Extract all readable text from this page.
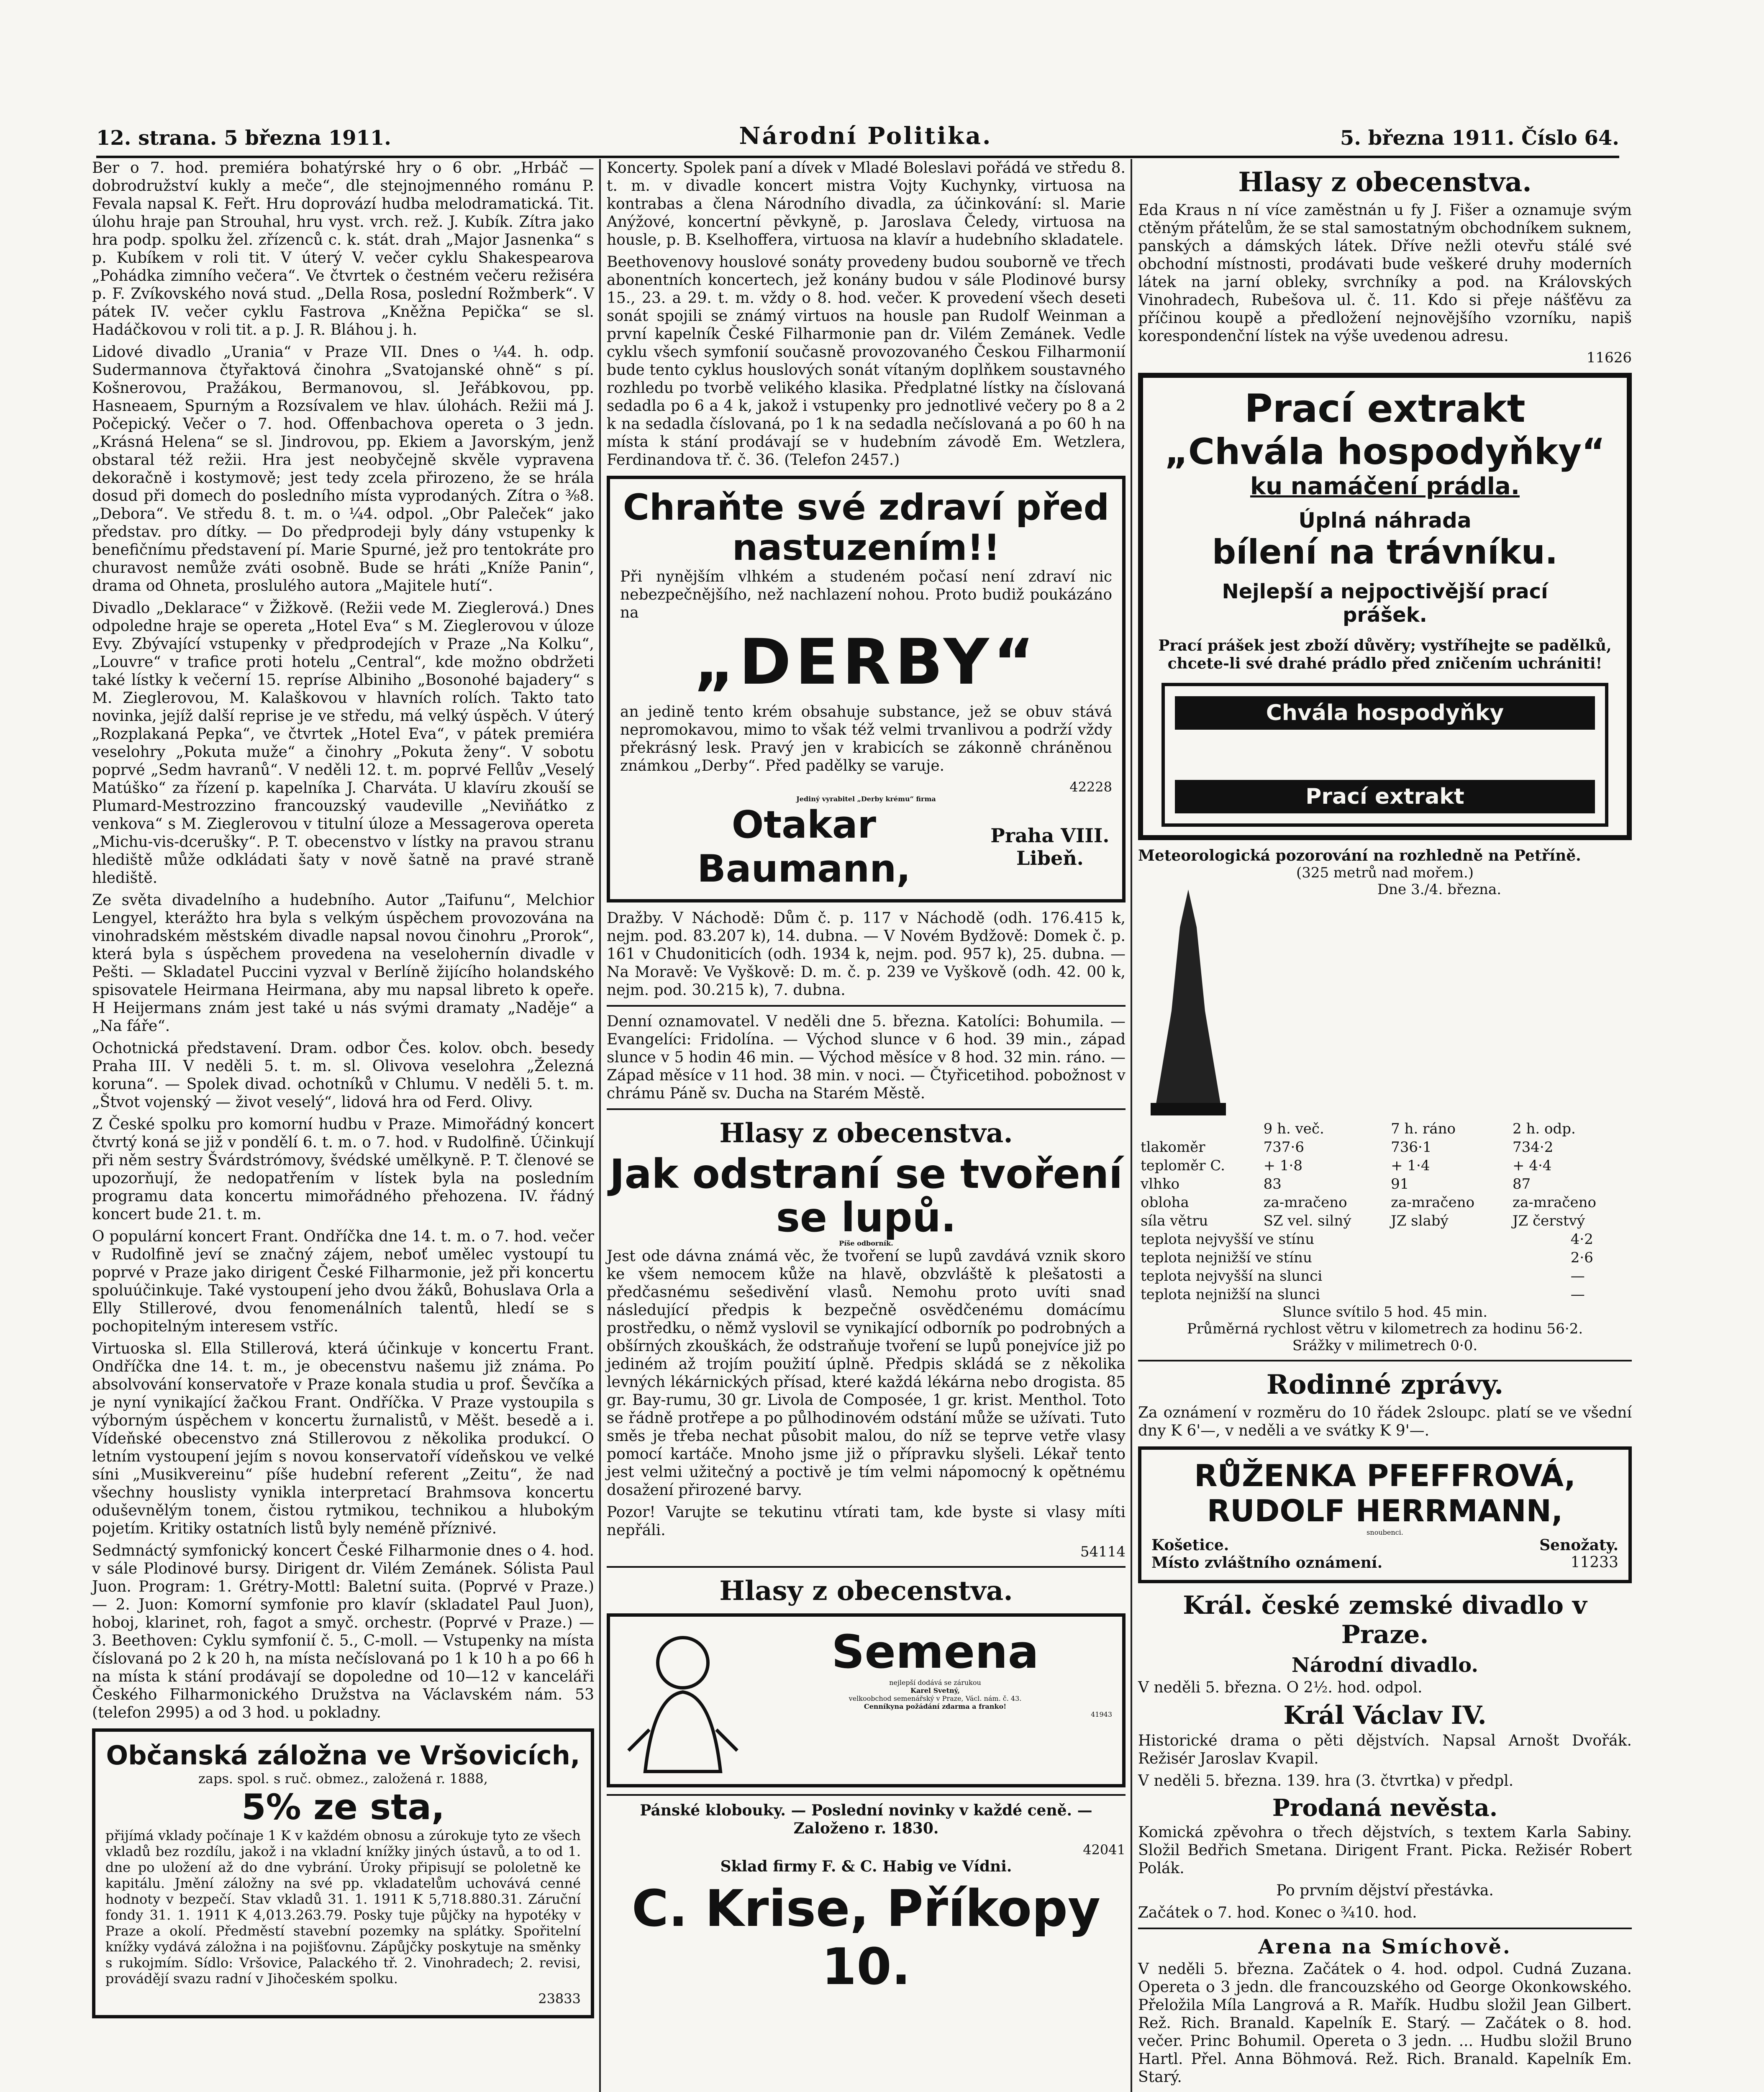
12. strana. 5 března 1911.	Národní Politika.	5. března 1911. Číslo 64.

Ber o 7. hod. premiéra bohatýrské hry o 6 obr. „Hrbáč — dobrodružství kukly a meče“, dle stejnojmenného románu P. Fevala napsal K. Feřt. Hru doprovází hudba melodramatická. Tit. úlohu hraje pan Strouhal, hru vyst. vrch. rež. J. Kubík. Zítra jako hra podp. spolku žel. zřízenců c. k. stát. drah „Major Jasnenka“ s p. Kubíkem v roli tit. V úterý V. večer cyklu Shakespearova „Pohádka zimního večera“. Ve čtvrtek o čestném večeru režiséra p. F. Zvíkovského nová stud. „Della Rosa, poslední Rožmberk“. V pátek IV. večer cyklu Fastrova „Kněžna Pepička“ se sl. Hadáčkovou v roli tit. a p. J. R. Bláhou j. h.

Lidové divadlo „Urania“ v Praze VII. Dnes o ¼4. h. odp. Sudermannova čtyřaktová činohra „Svatojanské ohně“ s pí. Košnerovou, Pražákou, Bermanovou, sl. Jeřábkovou, pp. Hasneaem, Spurným a Rozsívalem ve hlav. úlohách. Režii má J. Počepický. Večer o 7. hod. Offenbachova opereta o 3 jedn. „Krásná Helena“ se sl. Jindrovou, pp. Ekiem a Javorským, jenž obstaral též režii. Hra jest neobyčejně skvěle vypravena dekoračně i kostymově; jest tedy zcela přirozeno, že se hrála dosud při domech do posledního místa vyprodaných. Zítra o ⅜8. „Debora“. Ve středu 8. t. m. o ¼4. odpol. „Obr Paleček“ jako představ. pro dítky. — Do předprodeji byly dány vstupenky k benefičnímu představení pí. Marie Spurné, jež pro tentokráte pro churavost nemůže zváti osobně. Bude se hráti „Kníže Panin“, drama od Ohneta, proslulého autora „Majitele hutí“.

Divadlo „Deklarace“ v Žižkově. (Režii vede M. Zieglerová.) Dnes odpoledne hraje se opereta „Hotel Eva“ s M. Zieglerovou v úloze Evy. Zbývající vstupenky v předprodejích v Praze „Na Kolku“, „Louvre“ v trafice proti hotelu „Central“, kde možno obdržeti také lístky k večerní 15. repríse Albiniho „Bosonohé bajadery“ s M. Zieglerovou, M. Kalaškovou v hlavních rolích. Takto tato novinka, jejíž další reprise je ve středu, má velký úspěch. V úterý „Rozplakaná Pepka“, ve čtvrtek „Hotel Eva“, v pátek premiéra veselohry „Pokuta muže“ a činohry „Pokuta ženy“. V sobotu poprvé „Sedm havranů“. V neděli 12. t. m. poprvé Fellův „Veselý Matúško“ za řízení p. kapelníka J. Charváta. U klavíru zkouší se Plumard-Mestrozzino francouzský vaudeville „Neviňátko z venkova“ s M. Zieglerovou v titulní úloze a Messagerova opereta „Michu-vis-dcerušky“. P. T. obecenstvo v lístky na pravou stranu hlediště může odkládati šaty v nově šatně na pravé straně hlediště.

Ze světa divadelního a hudebního. Autor „Taifunu“, Melchior Lengyel, kterážto hra byla s velkým úspěchem provozována na vinohradském městském divadle napsal novou činohru „Prorok“, která byla s úspěchem provedena na veselohernín divadle v Pešti. — Skladatel Puccini vyzval v Berlíně žijícího holandského spisovatele Heirmana Heirmana, aby mu napsal libreto k opeře. H Heijermans znám jest také u nás svými dramaty „Naděje“ a „Na fáře“.

Ochotnická představení. Dram. odbor Čes. kolov. obch. besedy Praha III. V neděli 5. t. m. sl. Olivova veselohra „Železná koruna“. — Spolek divad. ochotníků v Chlumu. V neděli 5. t. m. „Štvot vojenský — život veselý“, lidová hra od Ferd. Olivy.

Z České spolku pro komorní hudbu v Praze. Mimořádný koncert čtvrtý koná se již v pondělí 6. t. m. o 7. hod. v Rudolfině. Účinkují při něm sestry Švárdstrómovy, švédské umělkyně. P. T. členové se upozorňují, že nedopatřením v lístek byla na posledním programu data koncertu mimořádného přehozena. IV. řádný koncert bude 21. t. m.

O populární koncert Frant. Ondříčka dne 14. t. m. o 7. hod. večer v Rudolfině jeví se značný zájem, neboť umělec vystoupí tu poprvé v Praze jako dirigent České Filharmonie, jež při koncertu spoluúčinkuje. Také vystoupení jeho dvou žáků, Bohuslava Orla a Elly Stillerové, dvou fenomenálních talentů, hledí se s pochopitelným interesem vstříc.

Virtuoska sl. Ella Stillerová, která účinkuje v koncertu Frant. Ondříčka dne 14. t. m., je obecenstvu našemu již známa. Po absolvování konservatoře v Praze konala studia u prof. Ševčíka a je nyní vynikající žačkou Frant. Ondříčka. V Praze vystoupila s výborným úspěchem v koncertu žurnalistů, v Měšt. besedě a i. Vídeňské obecenstvo zná Stillerovou z několika produkcí. O letním vystoupení jejím s novou konservatoří vídeňskou ve velké síni „Musikvereinu“ píše hudební referent „Zeitu“, že nad všechny houslisty vynikla interpretací Brahmsova koncertu oduševnělým tonem, čistou rytmikou, technikou a hlubokým pojetím. Kritiky ostatních listů byly neméně příznivé.

Sedmnáctý symfonický koncert České Filharmonie dnes o 4. hod. v sále Plodinové bursy. Dirigent dr. Vilém Zemánek. Sólista Paul Juon. Program: 1. Grétry-Mottl: Baletní suita. (Poprvé v Praze.) — 2. Juon: Komorní symfonie pro klavír (skladatel Paul Juon), hoboj, klarinet, roh, fagot a smyč. orchestr. (Poprvé v Praze.) — 3. Beethoven: Cyklu symfonií č. 5., C-moll. — Vstupenky na místa číslovaná po 2 k 20 h, na místa nečíslovaná po 1 k 10 h a po 66 h na místa k stání prodávají se dopoledne od 10—12 v kanceláři Českého Filharmonického Družstva na Václavském nám. 53 (telefon 2995) a od 3 hod. u pokladny.

Občanská záložna ve Vršovicích,
zaps. spol. s ruč. obmez., založená r. 1888,
5% ze sta,

přijímá vklady počínaje 1 K v každém obnosu a zúrokuje tyto ze všech vkladů bez rozdílu, jakož i na vkladní knížky jiných ústavů, a to od 1. dne po uložení až do dne vybrání. Úroky připisují se pololetně ke kapitálu. Jmění záložny na své pp. vkladatelům uchovává cenné hodnoty v bezpečí. Stav vkladů 31. 1. 1911 K 5,718.880.31. Záruční fondy 31. 1. 1911 K 4,013.263.79. Posky tuje půjčky na hypotéky v Praze a okolí. Předměstí stavební pozemky na splátky. Spořitelní knížky vydává záložna i na pojišťovnu. Zápůjčky poskytuje na směnky s rukojmím. Sídlo: Vršovice, Palackého tř. 2. Vinohradech; 2. revisi, provádějí svazu radní v Jihočeském spolku.

23833

Koncerty. Spolek paní a dívek v Mladé Boleslavi pořádá ve středu 8. t. m. v divadle koncert mistra Vojty Kuchynky, virtuosa na kontrabas a člena Národního divadla, za účinkování: sl. Marie Anýžové, koncertní pěvkyně, p. Jaroslava Čeledy, virtuosa na housle, p. B. Kselhoffera, virtuosa na klavír a hudebního skladatele.

Beethovenovy houslové sonáty provedeny budou souborně ve třech abonentních koncertech, jež konány budou v sále Plodinové bursy 15., 23. a 29. t. m. vždy o 8. hod. večer. K provedení všech deseti sonát spojili se známý virtuos na housle pan Rudolf Weinman a první kapelník České Filharmonie pan dr. Vilém Zemánek. Vedle cyklu všech symfonií současně provozovaného Českou Filharmonií bude tento cyklus houslových sonát vítaným doplňkem soustavného rozhledu po tvorbě velikého klasika. Předplatné lístky na číslovaná sedadla po 6 a 4 k, jakož i vstupenky pro jednotlivé večery po 8 a 2 k na sedadla číslovaná, po 1 k na sedadla nečíslovaná a po 60 h na místa k stání prodávají se v hudebním závodě Em. Wetzlera, Ferdinandova tř. č. 36. (Telefon 2457.)

Chraňte své zdraví před nastuzením!!

Při nynějším vlhkém a studeném počasí není zdraví nic nebezpečnějšího, než nachlazení nohou. Proto budiž poukázáno na

„DERBY“

an jedině tento krém obsahuje substance, jež se obuv stává nepromokavou, mimo to však též velmi trvanlivou a podrží vždy překrásný lesk. Pravý jen v krabicích se zákonně chráněnou známkou „Derby“. Před padělky se varuje.

42228
Jediný vyrabitel „Derby krému“ firma
Otakar Baumann,
Praha VIII. Libeň.

Dražby. V Náchodě: Dům č. p. 117 v Náchodě (odh. 176.415 k, nejm. pod. 83.207 k), 14. dubna. — V Novém Bydžově: Domek č. p. 161 v Chudoniticích (odh. 1934 k, nejm. pod. 957 k), 25. dubna. — Na Moravě: Ve Vyškově: D. m. č. p. 239 ve Vyškově (odh. 42. 00 k, nejm. pod. 30.215 k), 7. dubna.

Denní oznamovatel. V neděli dne 5. března. Katolíci: Bohumila. — Evangelíci: Fridolína. — Východ slunce v 6 hod. 39 min., západ slunce v 5 hodin 46 min. — Východ měsíce v 8 hod. 32 min. ráno. — Západ měsíce v 11 hod. 38 min. v noci. — Čtyřicetihod. pobožnost v chrámu Páně sv. Ducha na Starém Městě.

Hlasy z obecenstva.
Jak odstraní se tvoření se lupů.
Píše odborník.

Jest ode dávna známá věc, že tvoření se lupů zavdává vznik skoro ke všem nemocem kůže na hlavě, obzvláště k plešatosti a předčasnému sešedivění vlasů. Nemohu proto uvíti snad následující předpis k bezpečně osvědčenému domácímu prostředku, o němž vyslovil se vynikající odborník po podrobných a obšírných zkouškách, že odstraňuje tvoření se lupů ponejvíce již po jediném až trojím použití úplně. Předpis skládá se z několika levných lékárnických přísad, které každá lékárna nebo drogista. 85 gr. Bay-rumu, 30 gr. Livola de Composée, 1 gr. krist. Menthol. Toto se řádně protřepe a po půlhodinovém odstání může se užívati. Tuto směs je třeba nechat působit malou, do níž se teprve vetře vlasy pomocí kartáče. Mnoho jsme již o přípravku slyšeli. Lékař tento jest velmi užitečný a poctivě je tím velmi nápomocný k opětnému dosažení přirozené barvy.

Pozor! Varujte se tekutinu vtírati tam, kde byste si vlasy míti nepřáli.

54114
Hlasy z obecenstva.
Semena
nejlepší dodává se zárukou
Karel Svetný,
velkoobchod semenářský v Praze, Václ. nám. č. 43.
Cenníkyna požádání zdarma a franko!
41943

Pánské klobouky. — Poslední novinky v každé ceně. — Založeno r. 1830.

42041

Sklad firmy F. & C. Habig ve Vídni.

C. Krise, Příkopy 10.
Hlasy z obecenstva.

Eda Kraus n ní více zaměstnán u fy J. Fišer a oznamuje svým ctěným přátelům, že se stal samostatným obchodníkem suknem, panských a dámských látek. Dříve nežli otevřu stálé své obchodní místnosti, prodávati bude veškeré druhy moderních látek na jarní obleky, svrchníky a pod. na Královských Vinohradech, Rubešova ul. č. 11. Kdo si přeje nášťěvu za příčinou koupě a předložení nejnovějšího vzorníku, napiš korespondenční lístek na výše uvedenou adresu.

11626
Prací extrakt
„Chvála hospodyňky“
ku namáčení prádla.
Úplná náhrada
bílení na trávníku.
Nejlepší a nejpoctivější prací
prášek.

Prací prášek jest zboží důvěry; vystříhejte se padělků, chcete-li své drahé prádlo před zničením uchrániti!

Chvála hospodyňky
Prací extrakt
Meteorologická pozorování na rozhledně na Petříně.
(325 metrů nad mořem.)
Dne 3./4. března.
	9 h. več.	7 h. ráno	2 h. odp.
tlakoměr	737·6	736·1	734·2
teploměr C.	+ 1·8	+ 1·4	+ 4·4
vlhko	83	91	87
obloha	za-mračeno	za-mračeno	za-mračeno
síla větru	SZ vel. silný	JZ slabý	JZ čerstvý
teplota nejvyšší ve stínu	4·2
teplota nejnižší ve stínu	2·6
teplota nejvyšší na slunci	—
teplota nejnižší na slunci	—
Slunce svítilo 5 hod. 45 min.
Průměrná rychlost větru v kilometrech za hodinu 56·2.
Srážky v milimetrech 0·0.
Rodinné zprávy.

Za oznámení v rozměru do 10 řádek 2sloupc. platí se ve všední dny K 6'—, v neděli a ve svátky K 9'—.

RŮŽENKA PFEFFROVÁ,
RUDOLF HERRMANN,
snoubenci.
Košetice.	Senožaty.
Místo zvláštního oznámení.	11233
Král. české zemské divadlo v Praze.
Národní divadlo.

V neděli 5. března. O 2½. hod. odpol.

Král Václav IV.

Historické drama o pěti dějstvích. Napsal Arnošt Dvořák. Režisér Jaroslav Kvapil.

V neděli 5. března. 139. hra (3. čtvrtka) v předpl.

Prodaná nevěsta.

Komická zpěvohra o třech dějstvích, s textem Karla Sabiny. Složil Bedřich Smetana. Dirigent Frant. Picka. Režisér Robert Polák.

Po prvním dějství přestávka.

Začátek o 7. hod. Konec o ¾10. hod.

Arena na Smíchově.

V neděli 5. března. Začátek o 4. hod. odpol. Cudná Zuzana. Opereta o 3 jedn. dle francouzského od George Okonkowského. Přeložila Míla Langrová a R. Mařík. Hudbu složil Jean Gilbert. Rež. Rich. Branald. Kapelník E. Starý. — Začátek o 8. hod. večer. Princ Bohumil. Opereta o 3 jedn. ... Hudbu složil Bruno Hartl. Přel. Anna Böhmová. Rež. Rich. Branald. Kapelník Em. Starý.
